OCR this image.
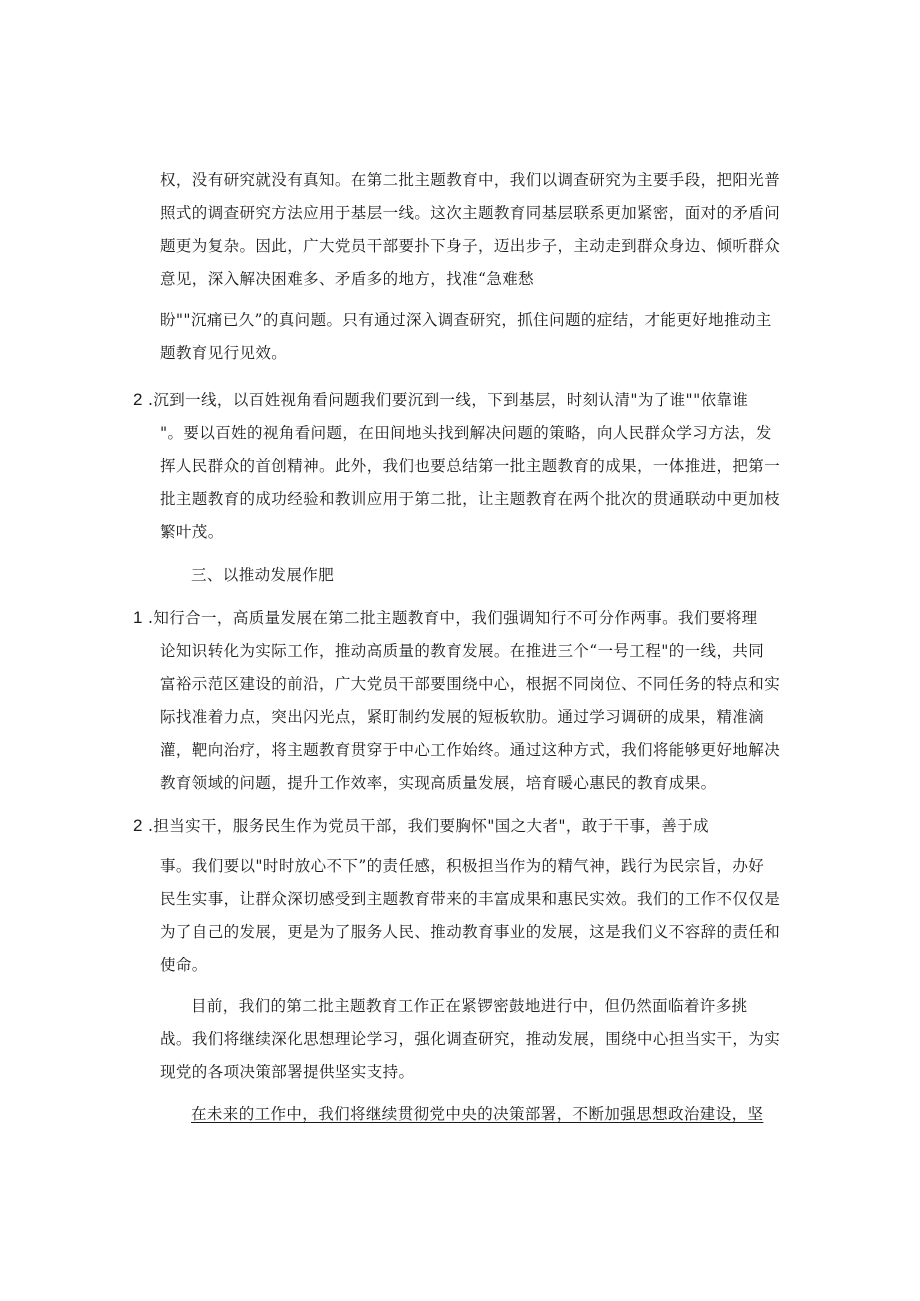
权，没有研究就没有真知。在第二批主题教育中，我们以调查研究为主要手段，把阳光普
照式的调查研究方法应用于基层一线。这次主题教育同基层联系更加紧密，面对的矛盾问
题更为复杂。因此，广大党员干部要扑下身子，迈出步子，主动走到群众身边、倾听群众
意见，深入解决困难多、矛盾多的地方，找准“急难愁
盼""沉痛已久”的真问题。只有通过深入调查研究，抓住问题的症结，才能更好地推动主
题教育见行见效。
2 .沉到一线，以百姓视角看问题我们要沉到一线，下到基层，时刻认清"为了谁""依靠谁
"。要以百姓的视角看问题，在田间地头找到解决问题的策略，向人民群众学习方法，发
挥人民群众的首创精神。此外，我们也要总结第一批主题教育的成果，一体推进，把第一
批主题教育的成功经验和教训应用于第二批，让主题教育在两个批次的贯通联动中更加枝
繁叶茂。
三、以推动发展作肥
1 .知行合一，高质量发展在第二批主题教育中，我们强调知行不可分作两事。我们要将理
论知识转化为实际工作，推动高质量的教育发展。在推进三个“一号工程"的一线，共同
富裕示范区建设的前沿，广大党员干部要围绕中心，根据不同岗位、不同任务的特点和实
际找准着力点，突出闪光点，紧盯制约发展的短板软肋。通过学习调研的成果，精准滴
灌，靶向治疗，将主题教育贯穿于中心工作始终。通过这种方式，我们将能够更好地解决
教育领域的问题，提升工作效率，实现高质量发展，培育暖心惠民的教育成果。
2 .担当实干，服务民生作为党员干部，我们要胸怀"国之大者"，敢于干事，善于成
事。我们要以"时时放心不下”的责任感，积极担当作为的精气神，践行为民宗旨，办好
民生实事，让群众深切感受到主题教育带来的丰富成果和惠民实效。我们的工作不仅仅是
为了自己的发展，更是为了服务人民、推动教育事业的发展，这是我们义不容辞的责任和
使命。
目前，我们的第二批主题教育工作正在紧锣密鼓地进行中，但仍然面临着许多挑
战。我们将继续深化思想理论学习，强化调查研究，推动发展，围绕中心担当实干，为实
现党的各项决策部署提供坚实支持。
在未来的工作中，我们将继续贯彻党中央的决策部署，不断加强思想政治建设，坚
